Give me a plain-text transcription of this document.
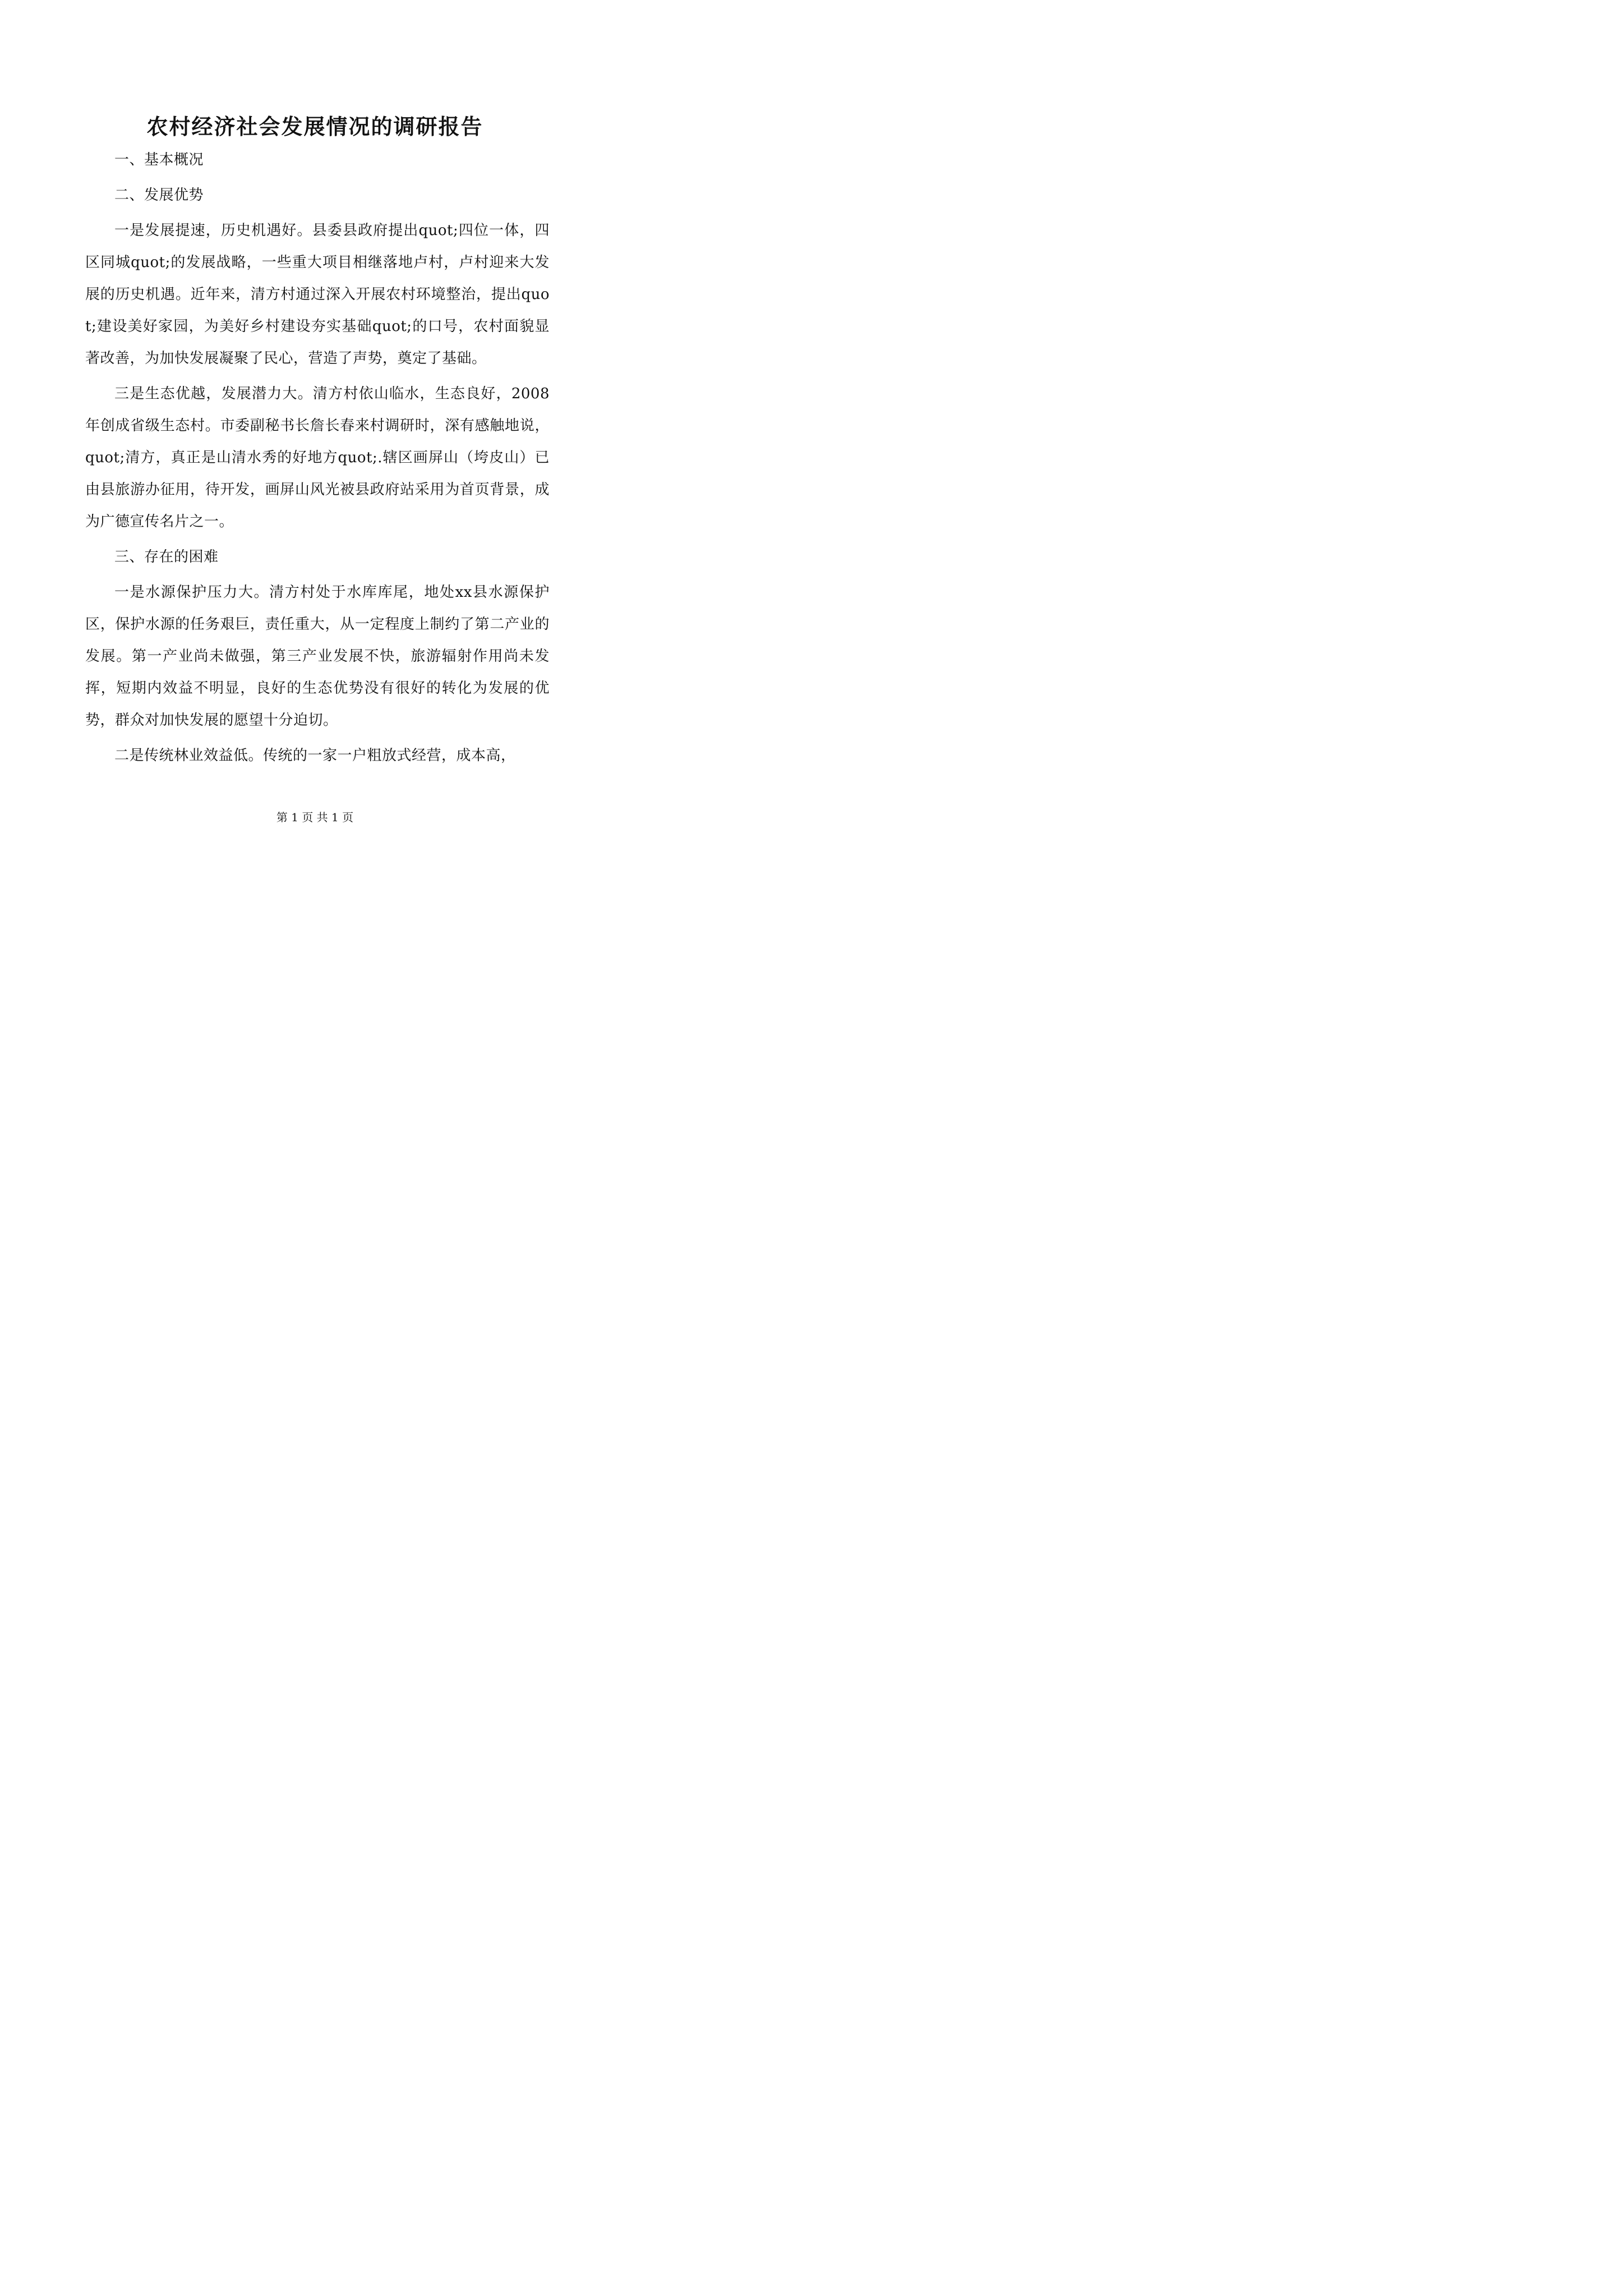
农村经济社会发展情况的调研报告

一、基本概况

二、发展优势

一是发展提速，历史机遇好。县委县政府提出quot;四位一体，四区同城quot;的发展战略，一些重大项目相继落地卢村，卢村迎来大发展的历史机遇。近年来，清方村通过深入开展农村环境整治，提出quot;建设美好家园，为美好乡村建设夯实基础quot;的口号，农村面貌显著改善，为加快发展凝聚了民心，营造了声势，奠定了基础。

三是生态优越，发展潜力大。清方村依山临水，生态良好，2008年创成省级生态村。市委副秘书长詹长春来村调研时，深有感触地说，quot;清方，真正是山清水秀的好地方quot;.辖区画屏山（垮皮山）已由县旅游办征用，待开发，画屏山风光被县政府站采用为首页背景，成为广德宣传名片之一。

三、存在的困难

一是水源保护压力大。清方村处于水库库尾，地处xx县水源保护区，保护水源的任务艰巨，责任重大，从一定程度上制约了第二产业的发展。第一产业尚未做强，第三产业发展不快，旅游辐射作用尚未发挥，短期内效益不明显，良好的生态优势没有很好的转化为发展的优势，群众对加快发展的愿望十分迫切。

二是传统林业效益低。传统的一家一户粗放式经营，成本高，

第 1 页 共 1 页
